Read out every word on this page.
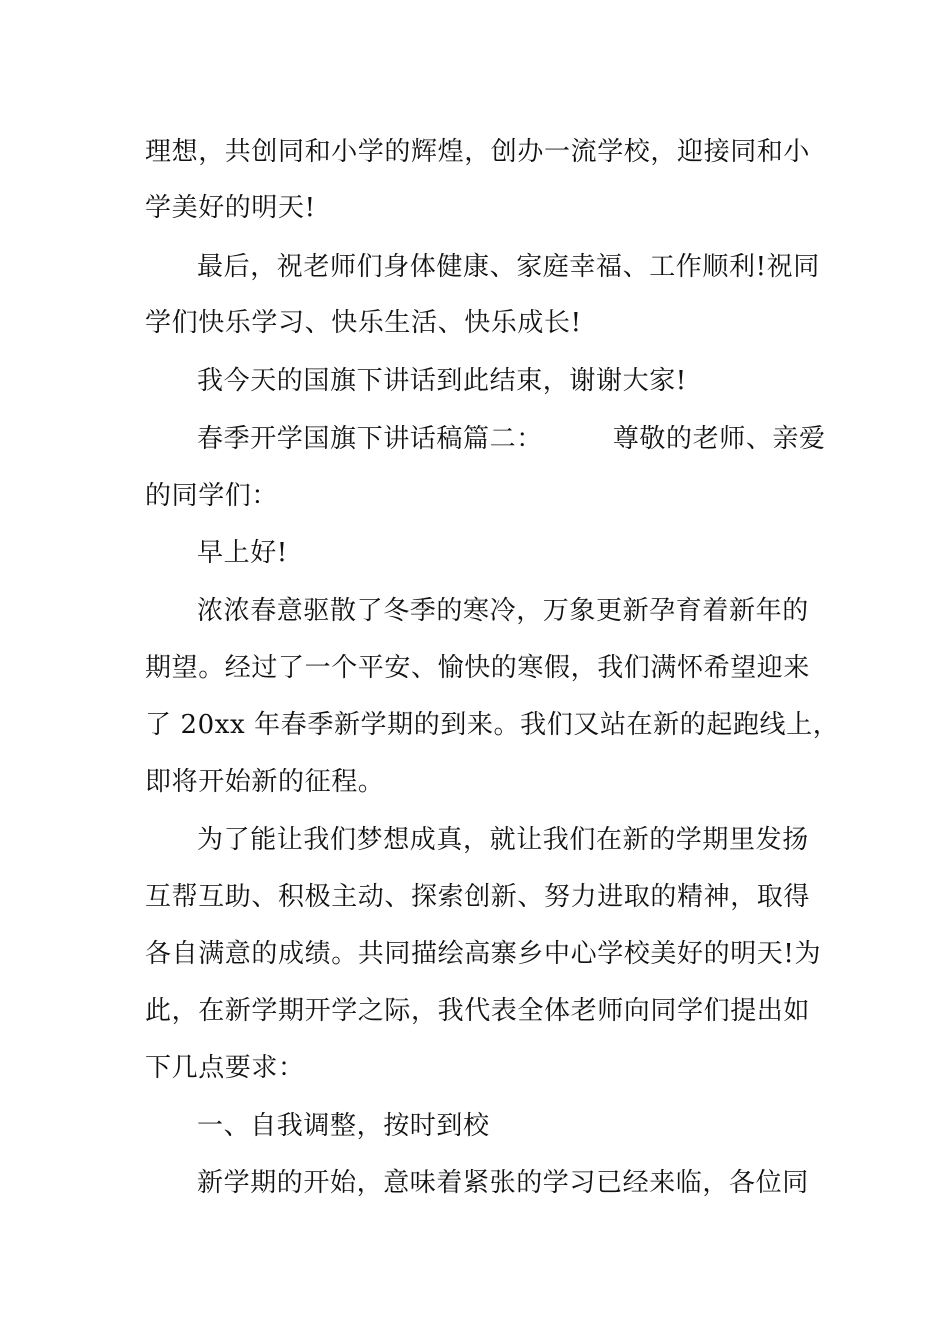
理想，共创同和小学的辉煌，创办一流学校，迎接同和小
学美好的明天!
最后，祝老师们身体健康、家庭幸福、工作顺利!祝同
学们快乐学习、快乐生活、快乐成长!
我今天的国旗下讲话到此结束，谢谢大家!
春季开学国旗下讲话稿篇二：	尊敬的老师、亲爱
的同学们：
早上好!
浓浓春意驱散了冬季的寒冷，万象更新孕育着新年的
期望。经过了一个平安、愉快的寒假，我们满怀希望迎来
了 20xx 年春季新学期的到来。我们又站在新的起跑线上，
即将开始新的征程。
为了能让我们梦想成真，就让我们在新的学期里发扬
互帮互助、积极主动、探索创新、努力进取的精神，取得
各自满意的成绩。共同描绘高寨乡中心学校美好的明天!为
此，在新学期开学之际，我代表全体老师向同学们提出如
下几点要求：
一、自我调整，按时到校
新学期的开始，意味着紧张的学习已经来临，各位同
